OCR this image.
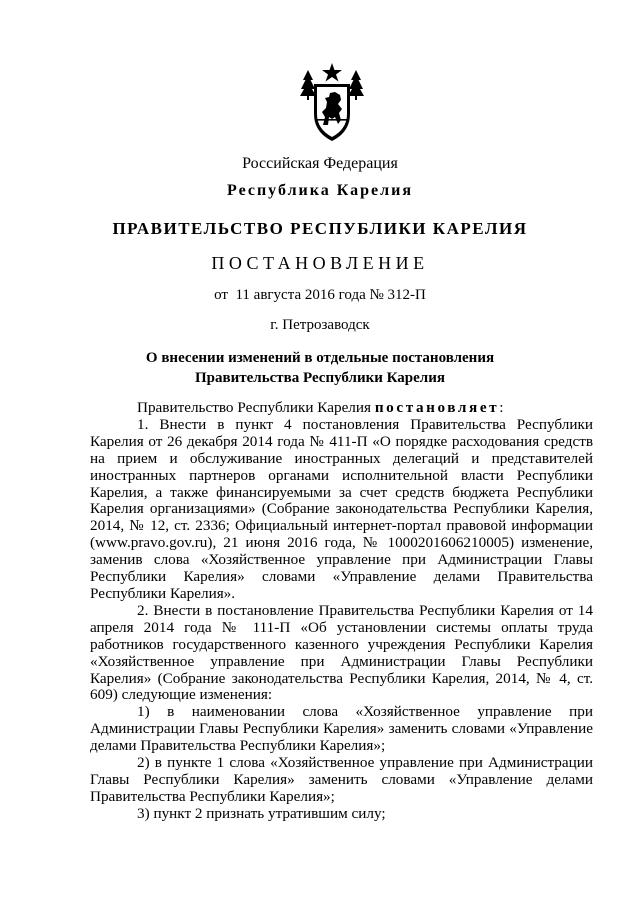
Российская Федерация
Республика Карелия
ПРАВИТЕЛЬСТВО РЕСПУБЛИКИ КАРЕЛИЯ
ПОСТАНОВЛЕНИЕ
от  11 августа 2016 года № 312-П
г. Петрозаводск
О внесении изменений в отдельные постановления
Правительства Республики Карелия

Правительство Республики Карелия постановляет:

1. Внести в пункт 4 постановления Правительства Республики Карелия от 26 декабря 2014 года № 411-П «О порядке расходования средств на прием и обслуживание иностранных делегаций и представителей иностранных партнеров органами исполнительной власти Республики Карелия, а также финансируемыми за счет средств бюджета Республики Карелия организациями» (Собрание законодательства Республики Карелия, 2014, № 12, ст. 2336; Официальный интернет-портал правовой информации (www.pravo.gov.ru), 21 июня 2016 года, № 1000201606210005) изменение, заменив слова «Хозяйственное управление при Администрации Главы Республики Карелия» словами «Управление делами Правительства Республики Карелия».

2. Внести в постановление Правительства Республики Карелия от 14 апреля 2014 года № 111-П «Об установлении системы оплаты труда работников государственного казенного учреждения Республики Карелия «Хозяйственное управление при Администрации Главы Республики Карелия» (Собрание законодательства Республики Карелия, 2014, № 4, ст. 609) следующие изменения:

1) в наименовании слова «Хозяйственное управление при Администрации Главы Республики Карелия» заменить словами «Управление делами Правительства Республики Карелия»;

2) в пункте 1 слова «Хозяйственное управление при Администрации Главы Республики Карелия» заменить словами «Управление делами Правительства Республики Карелия»;

3) пункт 2 признать утратившим силу;
